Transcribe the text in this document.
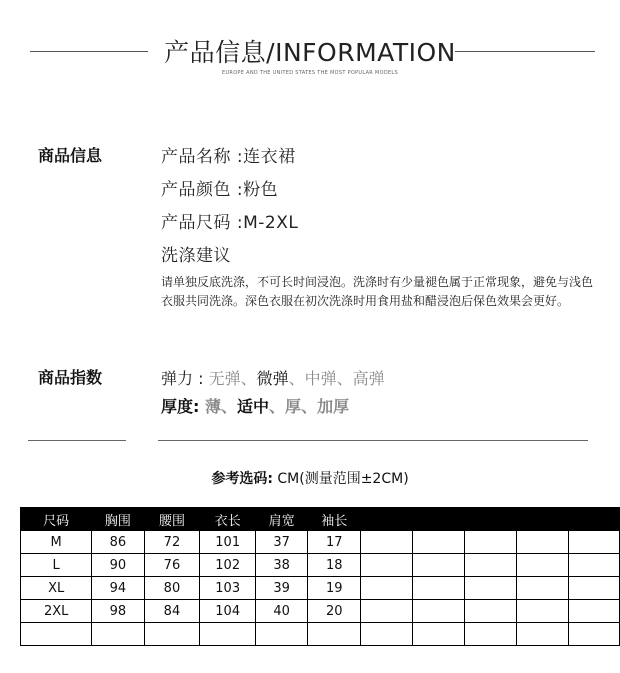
产品信息/INFORMATION
EUROPE AND THE UNITED STATES THE MOST POPULAR MODELS
商品信息	产品名称 :连衣裙
产品颜色 :粉色
产品尺码 :M-2XL
洗涤建议
请单独反底洗涤，不可长时间浸泡。洗涤时有少量褪色属于正常现象，避免与浅色衣服共同洗涤。深色衣服在初次洗涤时用食用盐和醋浸泡后保色效果会更好。
商品指数	弹力 : 无弹、微弹、中弹、高弹
厚度: 薄、适中、厚、加厚
参考选码: CM(测量范围±2CM)
尺码	胸围	腰围	衣长	肩宽	袖长					
M	86	72	101	37	17					
L	90	76	102	38	18					
XL	94	80	103	39	19					
2XL	98	84	104	40	20					
